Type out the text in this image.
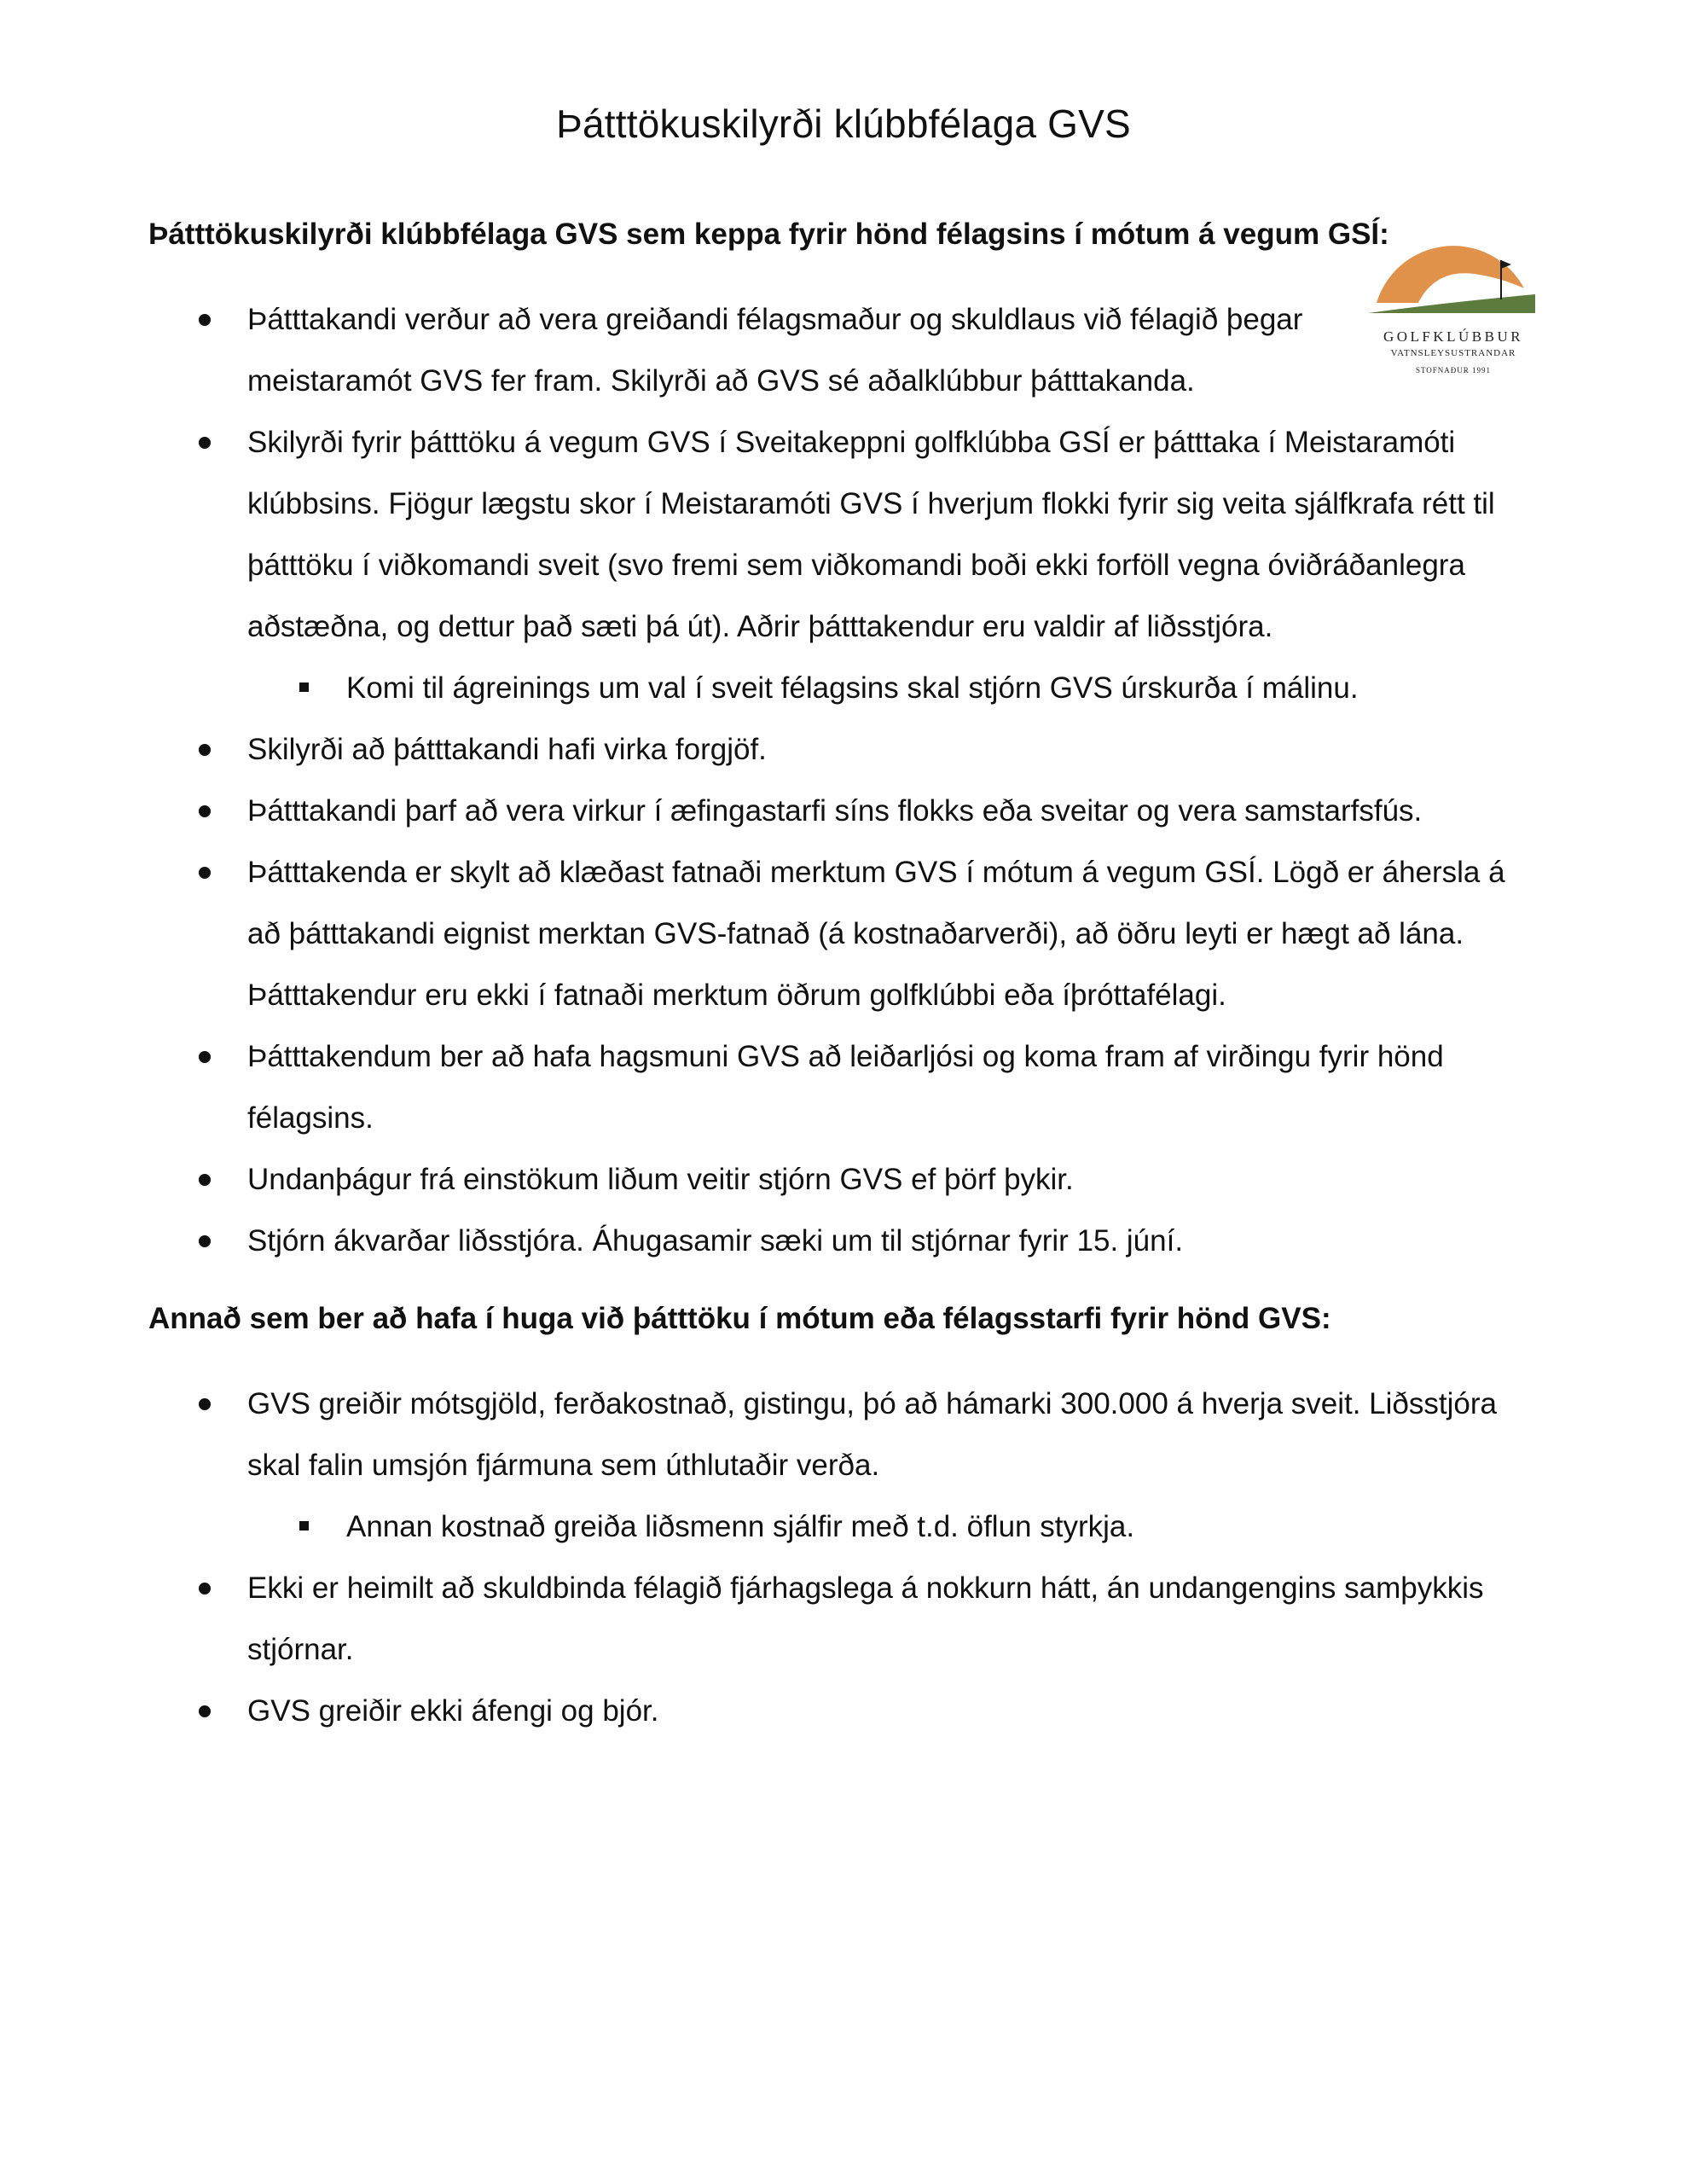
Þátttökuskilyrði klúbbfélaga GVS
GOLFKLÚBBUR
VATNSLEYSUSTRANDAR
STOFNAÐUR 1991
Þátttökuskilyrði klúbbfélaga GVS sem keppa fyrir hönd félagsins í mótum á vegum GSÍ:
Þátttakandi verður að vera greiðandi félagsmaður og skuldlaus við félagið þegar
meistaramót GVS fer fram. Skilyrði að GVS sé aðalklúbbur þátttakanda.
Skilyrði fyrir þátttöku á vegum GVS í Sveitakeppni golfklúbba GSÍ er þátttaka í Meistaramóti
klúbbsins. Fjögur lægstu skor í Meistaramóti GVS í hverjum flokki fyrir sig veita sjálfkrafa rétt til
þátttöku í viðkomandi sveit (svo fremi sem viðkomandi boði ekki forföll vegna óviðráðanlegra
aðstæðna, og dettur það sæti þá út). Aðrir þátttakendur eru valdir af liðsstjóra.
Komi til ágreinings um val í sveit félagsins skal stjórn GVS úrskurða í málinu.
Skilyrði að þátttakandi hafi virka forgjöf.
Þátttakandi þarf að vera virkur í æfingastarfi síns flokks eða sveitar og vera samstarfsfús.
Þátttakenda er skylt að klæðast fatnaði merktum GVS í mótum á vegum GSÍ. Lögð er áhersla á
að þátttakandi eignist merktan GVS-fatnað (á kostnaðarverði), að öðru leyti er hægt að lána.
Þátttakendur eru ekki í fatnaði merktum öðrum golfklúbbi eða íþróttafélagi.
Þátttakendum ber að hafa hagsmuni GVS að leiðarljósi og koma fram af virðingu fyrir hönd
félagsins.
Undanþágur frá einstökum liðum veitir stjórn GVS ef þörf þykir.
Stjórn ákvarðar liðsstjóra. Áhugasamir sæki um til stjórnar fyrir 15. júní.
Annað sem ber að hafa í huga við þátttöku í mótum eða félagsstarfi fyrir hönd GVS:
GVS greiðir mótsgjöld, ferðakostnað, gistingu, þó að hámarki 300.000 á hverja sveit. Liðsstjóra
skal falin umsjón fjármuna sem úthlutaðir verða.
Annan kostnað greiða liðsmenn sjálfir með t.d. öflun styrkja.
Ekki er heimilt að skuldbinda félagið fjárhagslega á nokkurn hátt, án undangengins samþykkis
stjórnar.
GVS greiðir ekki áfengi og bjór.
